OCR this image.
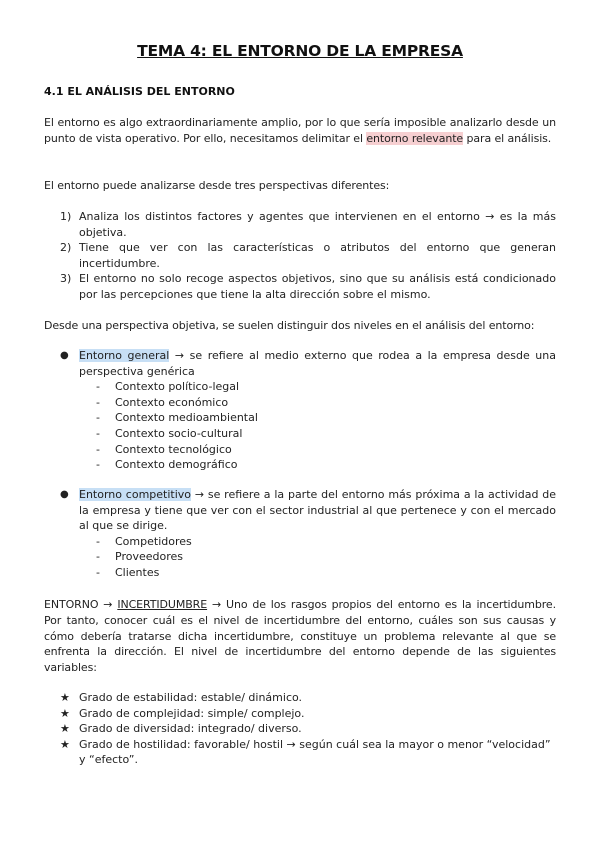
TEMA 4: EL ENTORNO DE LA EMPRESA
4.1 EL ANÁLISIS DEL ENTORNO
El entorno es algo extraordinariamente amplio, por lo que sería imposible analizarlo desde un punto de vista operativo. Por ello, necesitamos delimitar el entorno relevante para el análisis.
El entorno puede analizarse desde tres perspectivas diferentes:
1) Analiza los distintos factores y agentes que intervienen en el entorno → es la más objetiva.
2) Tiene que ver con las características o atributos del entorno que generan incertidumbre.
3) El entorno no solo recoge aspectos objetivos, sino que su análisis está condicionado por las percepciones que tiene la alta dirección sobre el mismo.
Desde una perspectiva objetiva, se suelen distinguir dos niveles en el análisis del entorno:
● Entorno general → se refiere al medio externo que rodea a la empresa desde una perspectiva genérica
-	Contexto político-legal
-	Contexto económico
-	Contexto medioambiental
-	Contexto socio-cultural
-	Contexto tecnológico
-	Contexto demográfico
● Entorno competitivo → se refiere a la parte del entorno más próxima a la actividad de la empresa y tiene que ver con el sector industrial al que pertenece y con el mercado al que se dirige.
-	Competidores
-	Proveedores
-	Clientes
ENTORNO → INCERTIDUMBRE → Uno de los rasgos propios del entorno es la incertidumbre. Por tanto, conocer cuál es el nivel de incertidumbre del entorno, cuáles son sus causas y cómo debería tratarse dicha incertidumbre, constituye un problema relevante al que se enfrenta la dirección. El nivel de incertidumbre del entorno depende de las siguientes variables:
★ Grado de estabilidad: estable/ dinámico.
★ Grado de complejidad: simple/ complejo.
★ Grado de diversidad: integrado/ diverso.
★ Grado de hostilidad: favorable/ hostil → según cuál sea la mayor o menor “velocidad” y “efecto”.
